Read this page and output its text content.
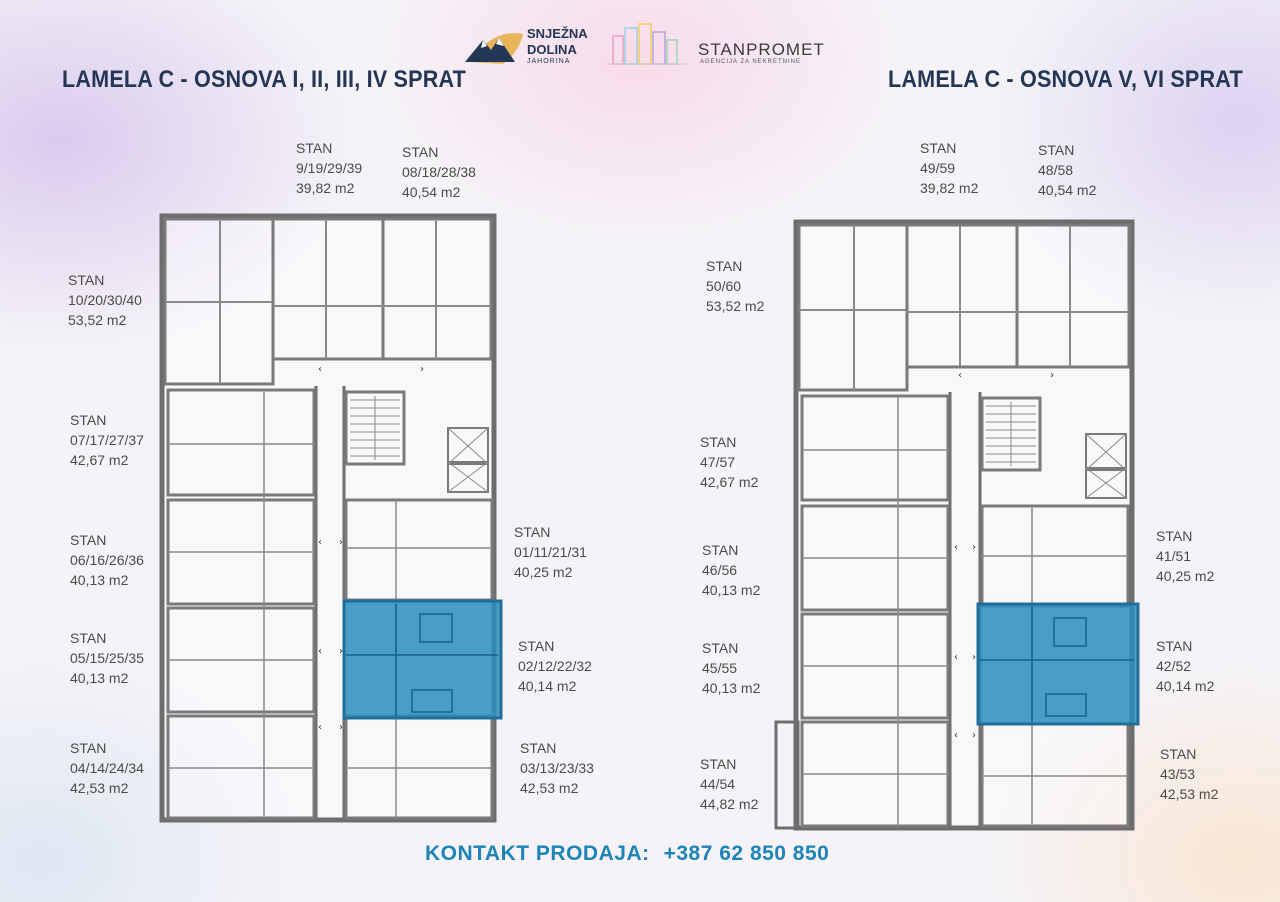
SNJEŽNA
DOLINA
JAHORINA
STANPROMET
AGENCIJA ZA NEKRETNINE
LAMELA C - OSNOVA I, II, III, IV SPRAT	LAMELA C - OSNOVA V, VI SPRAT
‹ ›
‹ ›
‹ ›
‹	›
‹ ›
‹ ›
‹ ›
‹	›
STAN
9/19/29/39
39,82 m2
STAN
08/18/28/38
40,54 m2
STAN
10/20/30/40
53,52 m2
STAN
07/17/27/37
42,67 m2
STAN
06/16/26/36
40,13 m2
STAN
01/11/21/31
40,25 m2
STAN
05/15/25/35
40,13 m2
STAN
02/12/22/32
40,14 m2
STAN
04/14/24/34
42,53 m2
STAN
03/13/23/33
42,53 m2
STAN
49/59
39,82 m2
STAN
48/58
40,54 m2
STAN
50/60
53,52 m2
STAN
47/57
42,67 m2
STAN
46/56
40,13 m2
STAN
41/51
40,25 m2
STAN
45/55
40,13 m2
STAN
42/52
40,14 m2
STAN
44/54
44,82 m2
STAN
43/53
42,53 m2
KONTAKT PRODAJA: +387 62 850 850
